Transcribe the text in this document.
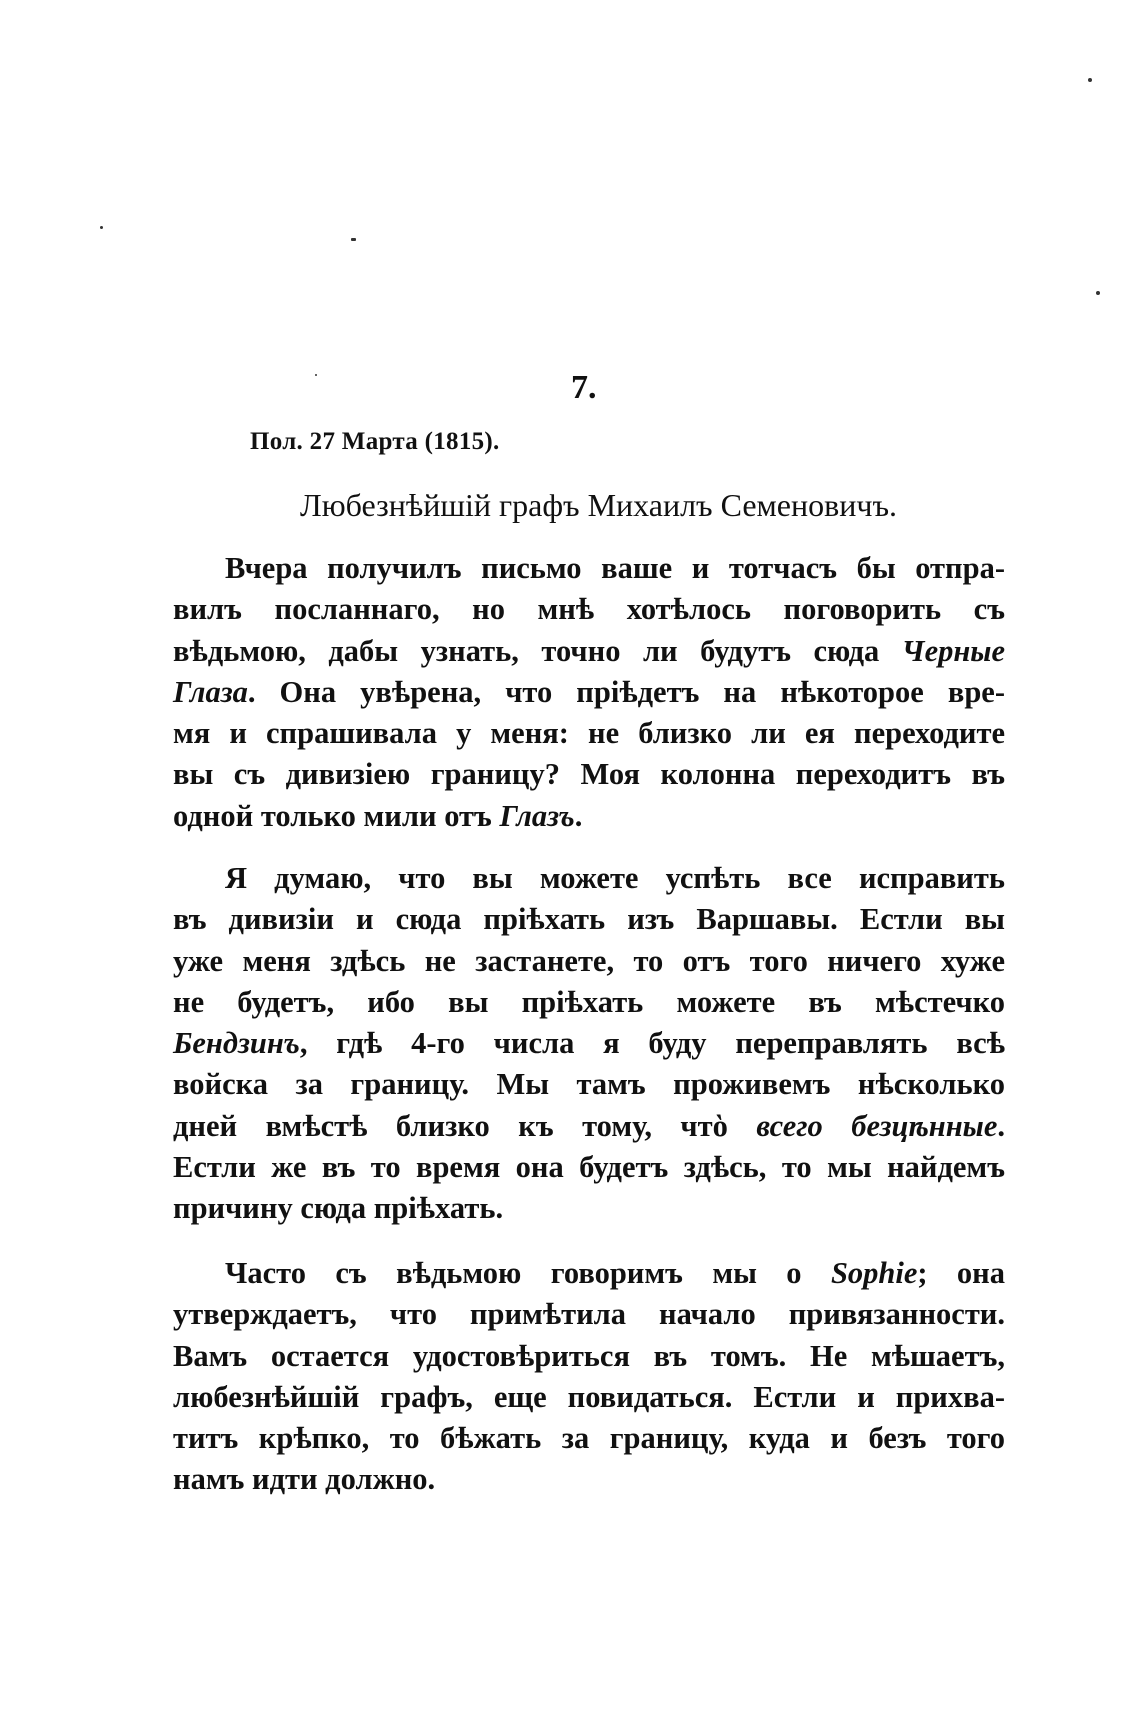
7.
Пол. 27 Марта (1815).
Любезнѣйшій графъ Михаилъ Семеновичъ.
Вчера получилъ письмо ваше и тотчасъ бы отпра-
вилъ посланнаго, но мнѣ хотѣлось поговорить съ
вѣдьмою, дабы узнать, точно ли будутъ сюда Черные
Глаза. Она увѣрена, что пріѣдетъ на нѣкоторое вре-
мя и спрашивала у меня: не близко ли ея переходите
вы съ дивизіею границу? Моя колонна переходитъ въ
одной только мили отъ Глазъ.
Я думаю, что вы можете успѣть все исправить
въ дивизіи и сюда пріѣхать изъ Варшавы. Естли вы
уже меня здѣсь не застанете, то отъ того ничего хуже
не будетъ, ибо вы пріѣхать можете въ мѣстечко
Бендзинъ, гдѣ 4-го числа я буду переправлять всѣ
войска за границу. Мы тамъ проживемъ нѣсколько
дней вмѣстѣ близко къ тому, чтὸ всего безцѣнные.
Естли же въ то время она будетъ здѣсь, то мы найдемъ
причину сюда пріѣхать.
Часто съ вѣдьмою говоримъ мы о Sophie; она
утверждаетъ, что примѣтила начало привязанности.
Вамъ остается удостовѣриться въ томъ. Не мѣшаетъ,
любезнѣйшій графъ, еще повидаться. Естли и прихва-
титъ крѣпко, то бѣжать за границу, куда и безъ того
намъ идти должно.
